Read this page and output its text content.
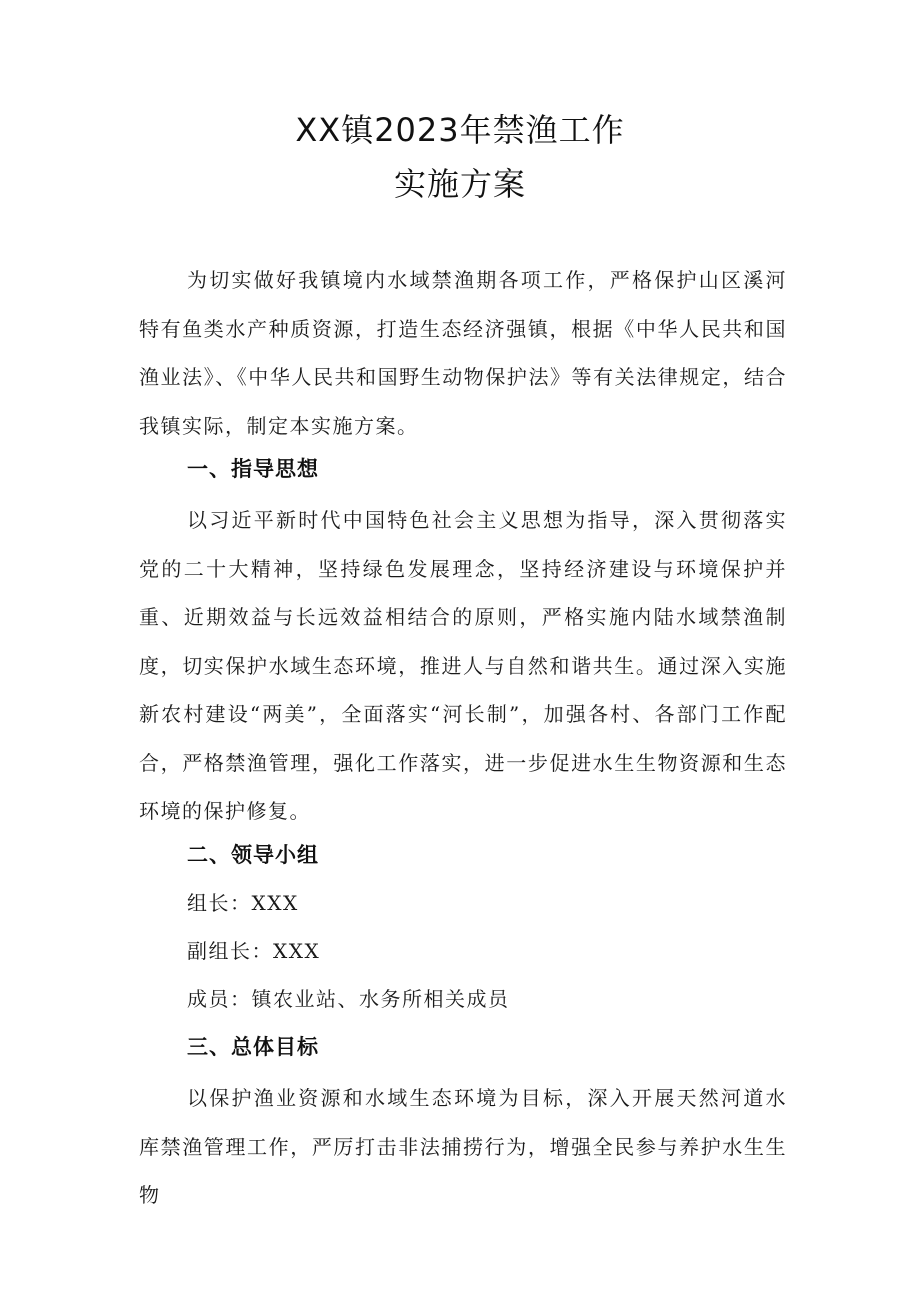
XX镇2023年禁渔工作
实施方案

为切实做好我镇境内水域禁渔期各项工作，严格保护山区溪河特有鱼类水产种质资源，打造生态经济强镇，根据《中华人民共和国渔业法》、《中华人民共和国野生动物保护法》等有关法律规定，结合我镇实际，制定本实施方案。

一、指导思想

以习近平新时代中国特色社会主义思想为指导，深入贯彻落实党的二十大精神，坚持绿色发展理念，坚持经济建设与环境保护并重、近期效益与长远效益相结合的原则，严格实施内陆水域禁渔制度，切实保护水域生态环境，推进人与自然和谐共生。通过深入实施新农村建设“两美”，全面落实“河长制”，加强各村、各部门工作配合，严格禁渔管理，强化工作落实，进一步促进水生生物资源和生态环境的保护修复。

二、领导小组

组长：XXX

副组长：XXX

成员：镇农业站、水务所相关成员

三、总体目标

以保护渔业资源和水域生态环境为目标，深入开展天然河道水库禁渔管理工作，严厉打击非法捕捞行为，增强全民参与养护水生生物
